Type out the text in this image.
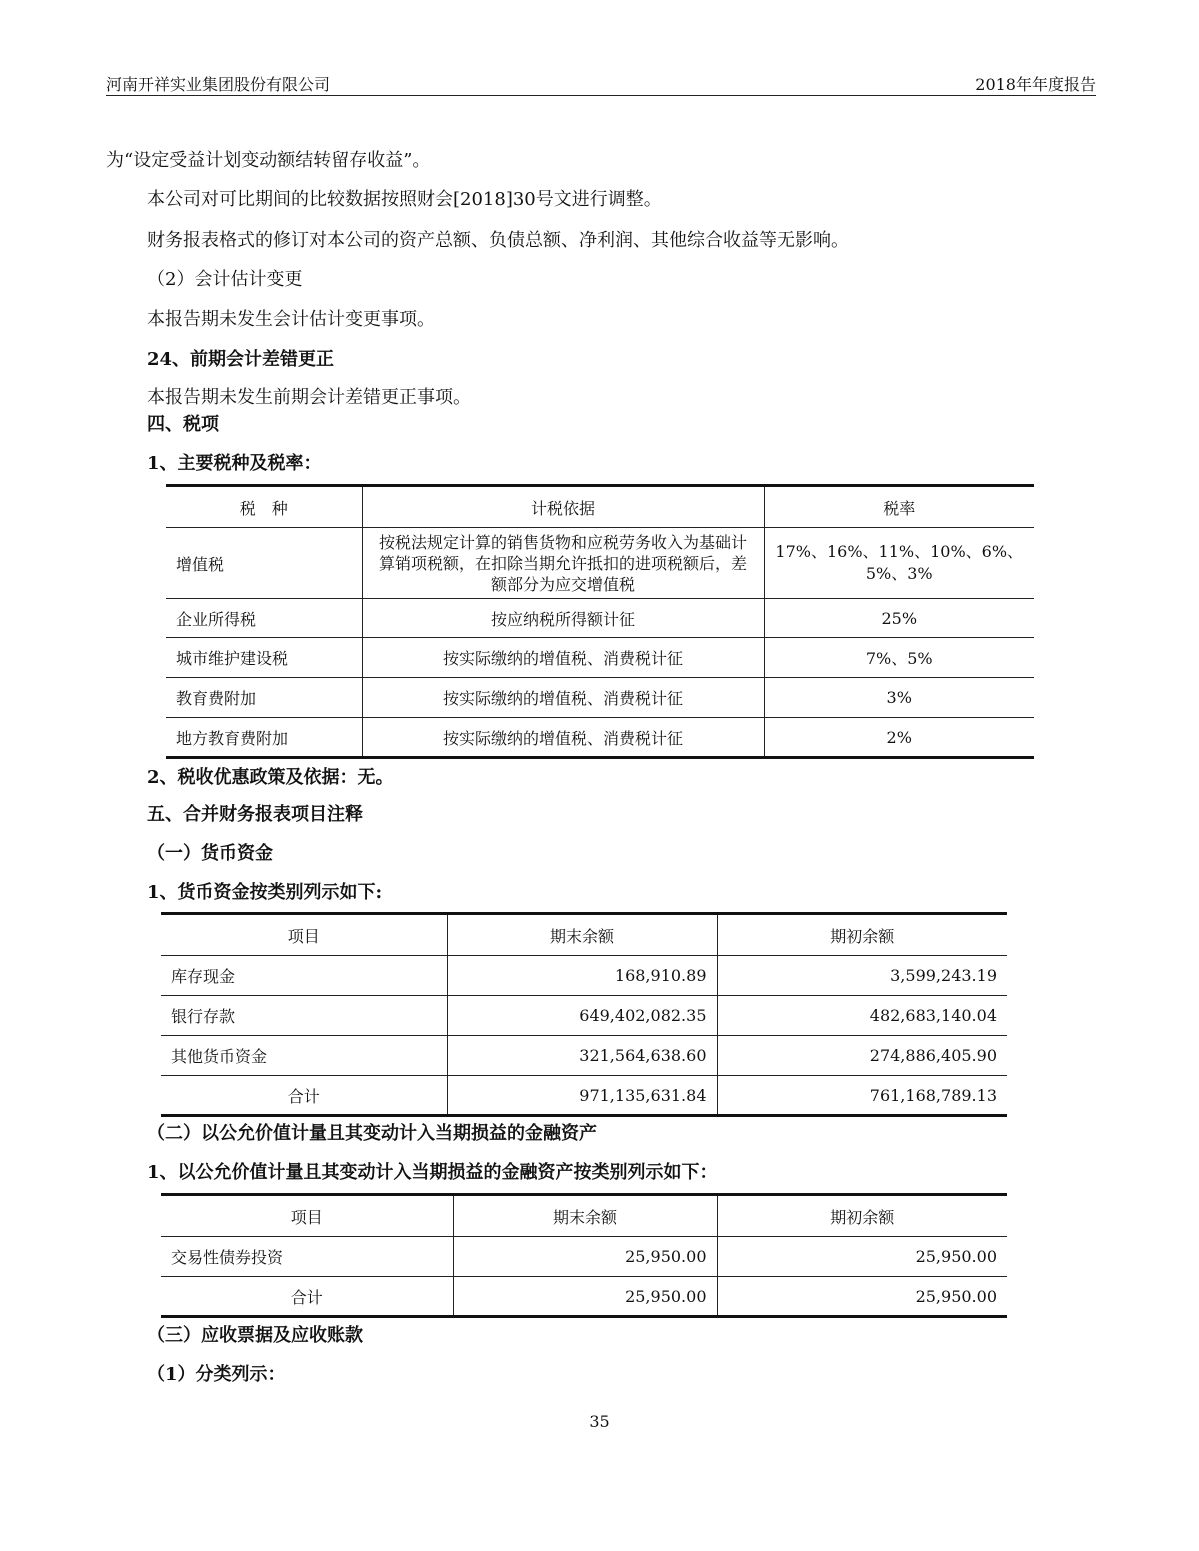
河南开祥实业集团股份有限公司	2018年年度报告
为“设定受益计划变动额结转留存收益”。
本公司对可比期间的比较数据按照财会[2018]30号文进行调整。
财务报表格式的修订对本公司的资产总额、负债总额、净利润、其他综合收益等无影响。
（2）会计估计变更
本报告期未发生会计估计变更事项。
24、前期会计差错更正
本报告期未发生前期会计差错更正事项。
四、税项
1、主要税种及税率：
税　种	计税依据	税率
增值税	按税法规定计算的销售货物和应税劳务收入为基础计算销项税额，在扣除当期允许抵扣的进项税额后，差额部分为应交增值税	17%、16%、11%、10%、6%、5%、3%
企业所得税	按应纳税所得额计征	25%
城市维护建设税	按实际缴纳的增值税、消费税计征	7%、5%
教育费附加	按实际缴纳的增值税、消费税计征	3%
地方教育费附加	按实际缴纳的增值税、消费税计征	2%
2、税收优惠政策及依据：无。
五、合并财务报表项目注释
（一）货币资金
1、货币资金按类别列示如下:
项目	期末余额	期初余额
库存现金	168,910.89	3,599,243.19
银行存款	649,402,082.35	482,683,140.04
其他货币资金	321,564,638.60	274,886,405.90
合计	971,135,631.84	761,168,789.13
（二）以公允价值计量且其变动计入当期损益的金融资产
1、以公允价值计量且其变动计入当期损益的金融资产按类别列示如下：
项目	期末余额	期初余额
交易性债券投资	25,950.00	25,950.00
合计	25,950.00	25,950.00
（三）应收票据及应收账款
（1）分类列示：
35
